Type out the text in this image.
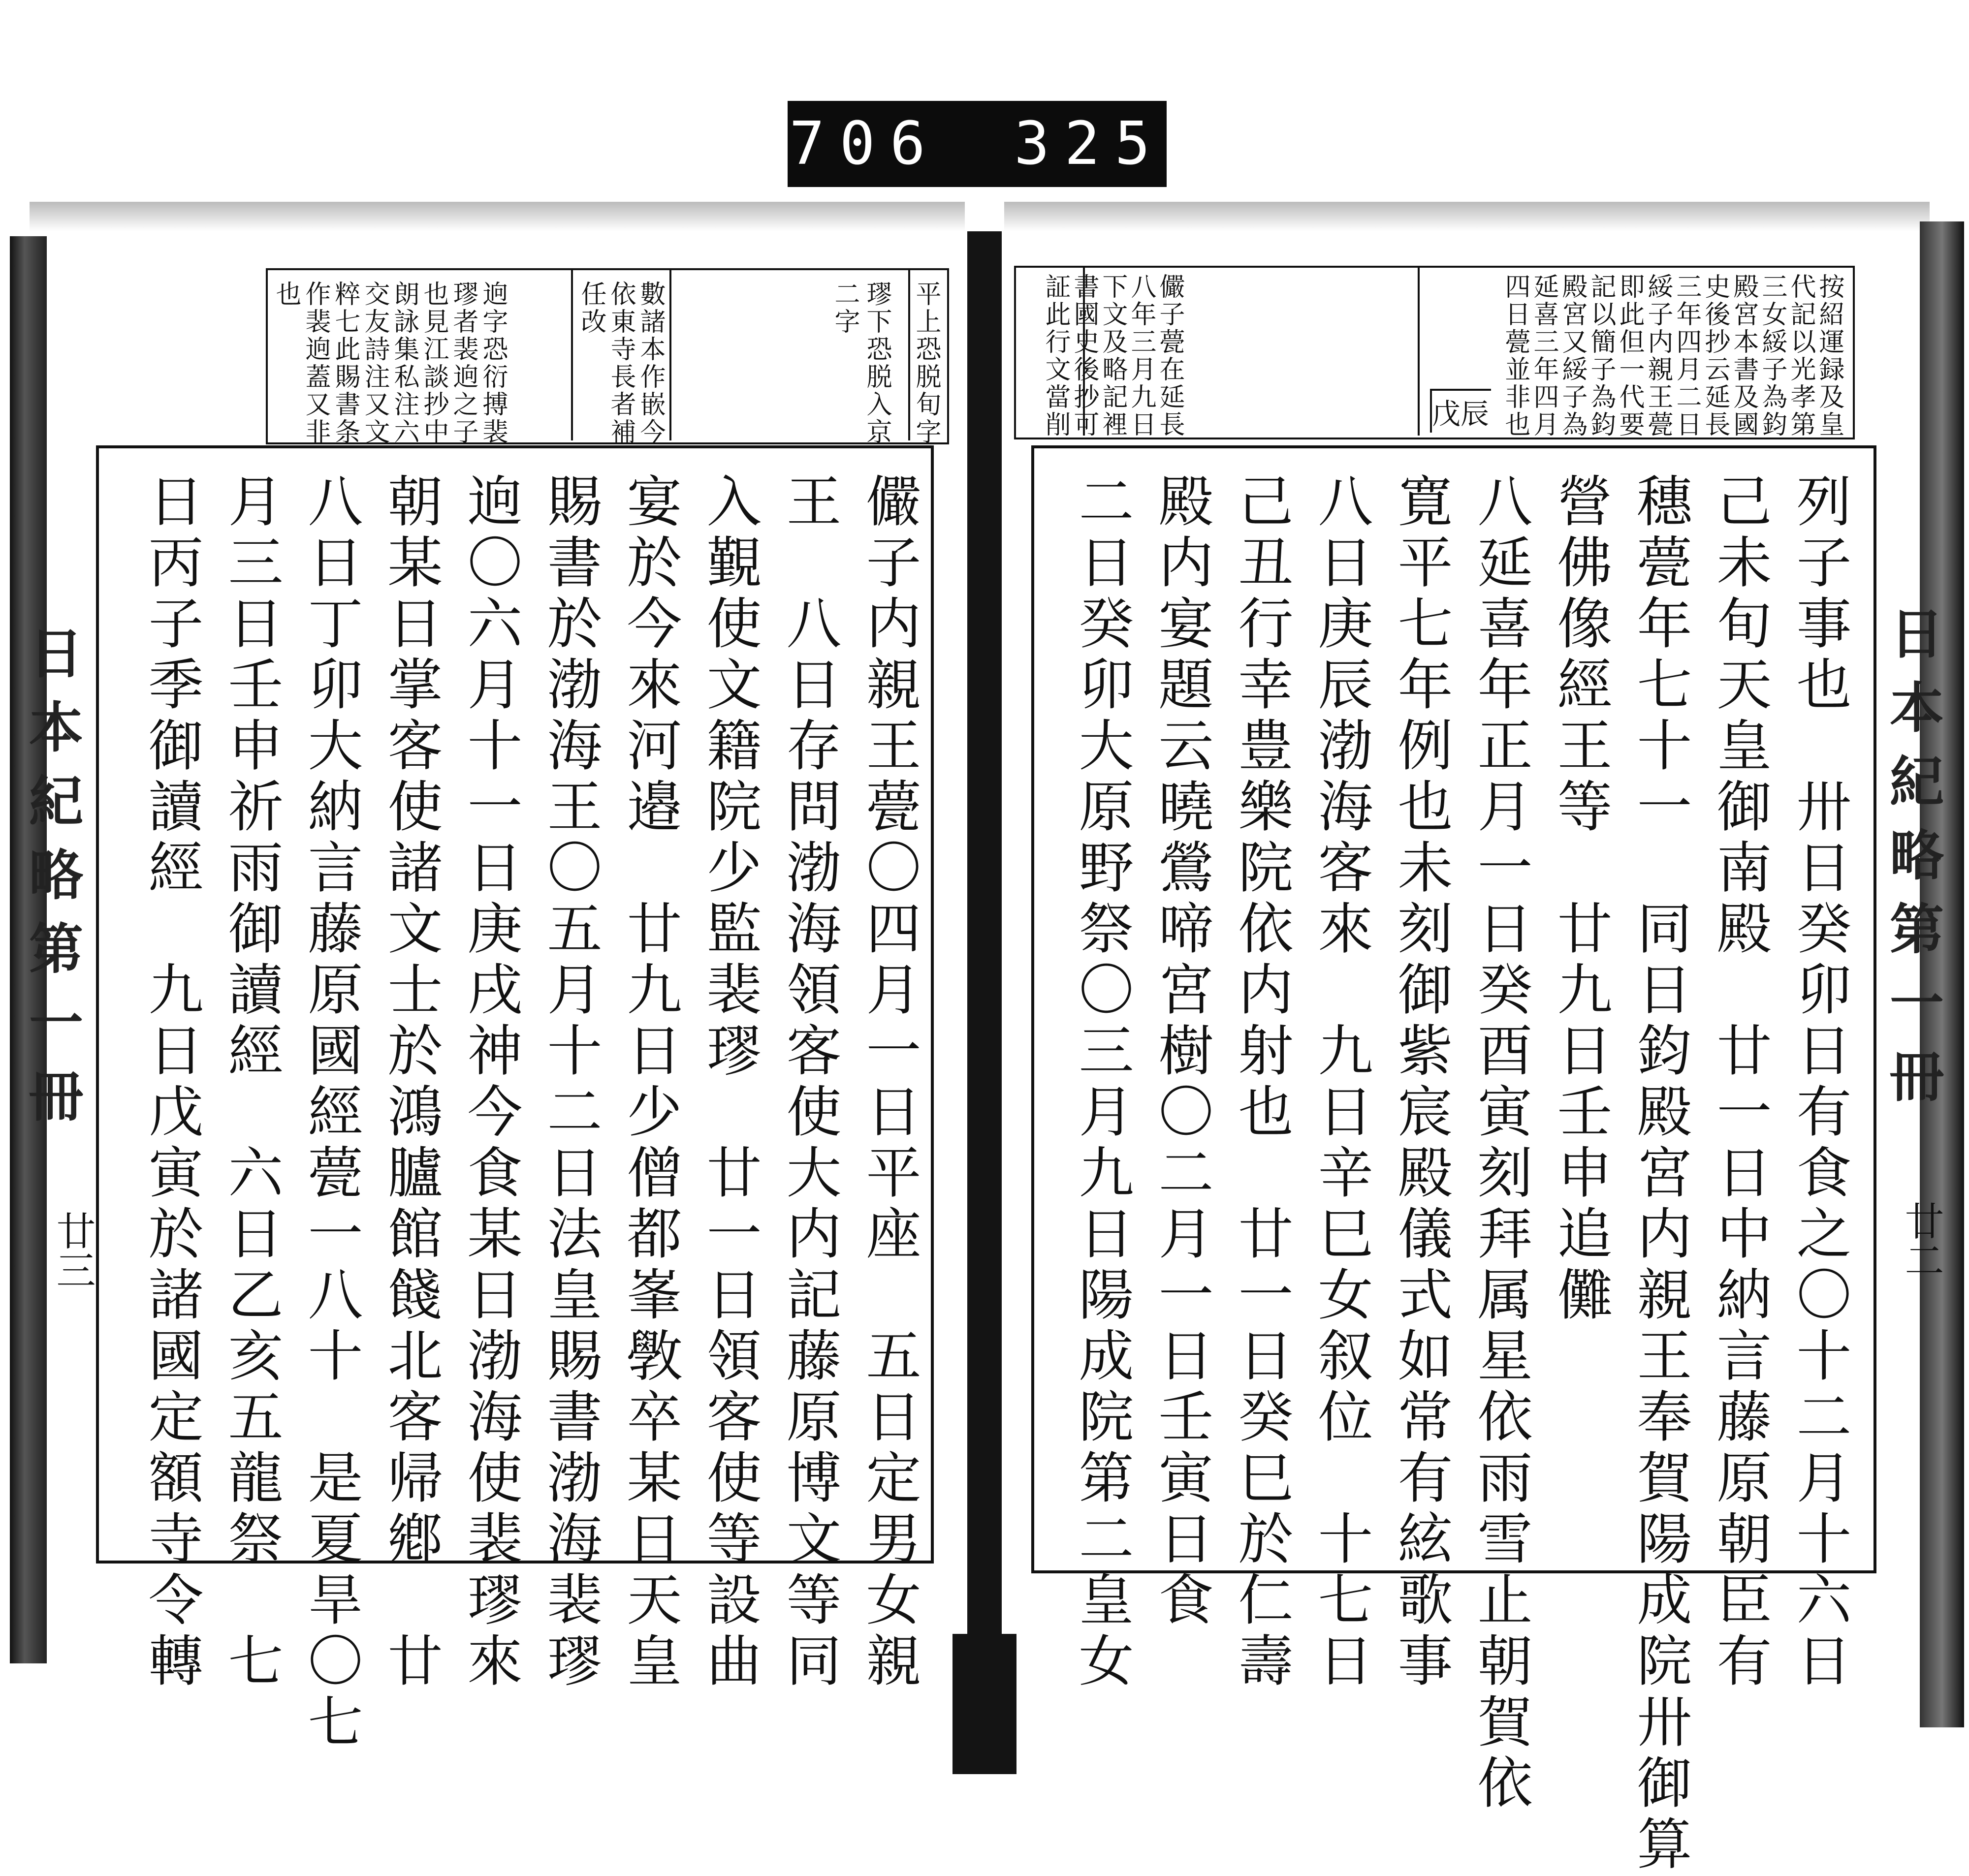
706 325
日本紀略第一冊
廿三
平上恐脱旬字
璆下恐脱入京
二字
數諸本作嵌今
依東寺長者補
任改
逈字恐衍搏裴
璆者裴逈之子
也見江談抄中
朗詠集私注六
交友詩注又文
粹七此賜書条
作裴逈蓋又非
也
儼子内親王甍〇四月一日平座　五日定男女親
王　八日存問渤海領客使大内記藤原博文等同
入覲使文籍院少監裴璆　廿一日領客使等設曲
宴於今來河邉　廿九日少僧都峯斆卒某日天皇
賜書於渤海王〇五月十二日法皇賜書渤海裴璆
逈〇六月十一日庚戌神今食某日渤海使裴璆來
朝某日掌客使諸文士於鴻臚館餞北客帰鄕　廿
八日丁卯大納言藤原國經甍一八十　是夏旱〇七
月三日壬申祈雨御讀經　六日乙亥五龍祭　七
日丙子季御讀經　九日戊寅於諸國定額寺令轉	日本紀略第一冊
廿二
按紹運録及皇
代記以光孝第
三女綏子為鈞
殿宮本書及國
史後抄云延長
三年四月二日
綏子内親王甍
即此但一代要
記以簡子為鈞
殿宮又綏子為
延喜三年四月
四日甍並非也
戊辰
儼子甍在延長
八年三月九日
下文及略記裡
書國史後抄可
証此行文當削
列子事也　卅日癸卯日有食之〇十二月十六日
己未旬天皇御南殿　廿一日中納言藤原朝臣有
穗甍年七十一　同日鈞殿宮内親王奉賀陽成院卅御算
營佛像經王等　廿九日壬申追儺
八延喜年正月一日癸酉寅刻拜属星依雨雪止朝賀依
寛平七年例也未刻御紫宸殿儀式如常有絃歌事
八日庚辰渤海客來　九日辛巳女叙位　十七日
己丑行幸豊樂院依内射也　廿一日癸巳於仁壽
殿内宴題云曉鶯啼宮樹〇二月一日壬寅日食
二日癸卯大原野祭〇三月九日陽成院第二皇女
